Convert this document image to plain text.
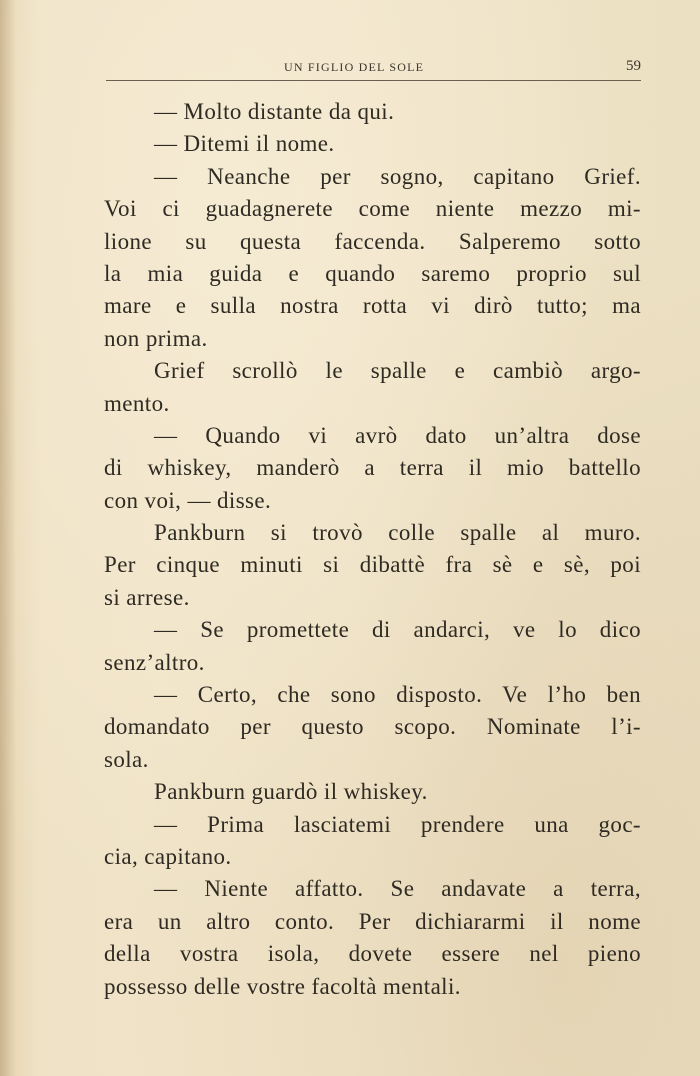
UN FIGLIO DEL SOLE	59
— Molto distante da qui.
— Ditemi il nome.
— Neanche per sogno, capitano Grief.
Voi ci guadagnerete come niente mezzo mi-
lione su questa faccenda. Salperemo sotto
la mia guida e quando saremo proprio sul
mare e sulla nostra rotta vi dirò tutto; ma
non prima.
Grief scrollò le spalle e cambiò argo-
mento.
— Quando vi avrò dato un’altra dose
di whiskey, manderò a terra il mio battello
con voi, — disse.
Pankburn si trovò colle spalle al muro.
Per cinque minuti si dibattè fra sè e sè, poi
si arrese.
— Se promettete di andarci, ve lo dico
senz’altro.
— Certo, che sono disposto. Ve l’ho ben
domandato per questo scopo. Nominate l’i-
sola.
Pankburn guardò il whiskey.
— Prima lasciatemi prendere una goc-
cia, capitano.
— Niente affatto. Se andavate a terra,
era un altro conto. Per dichiararmi il nome
della vostra isola, dovete essere nel pieno
possesso delle vostre facoltà mentali.
